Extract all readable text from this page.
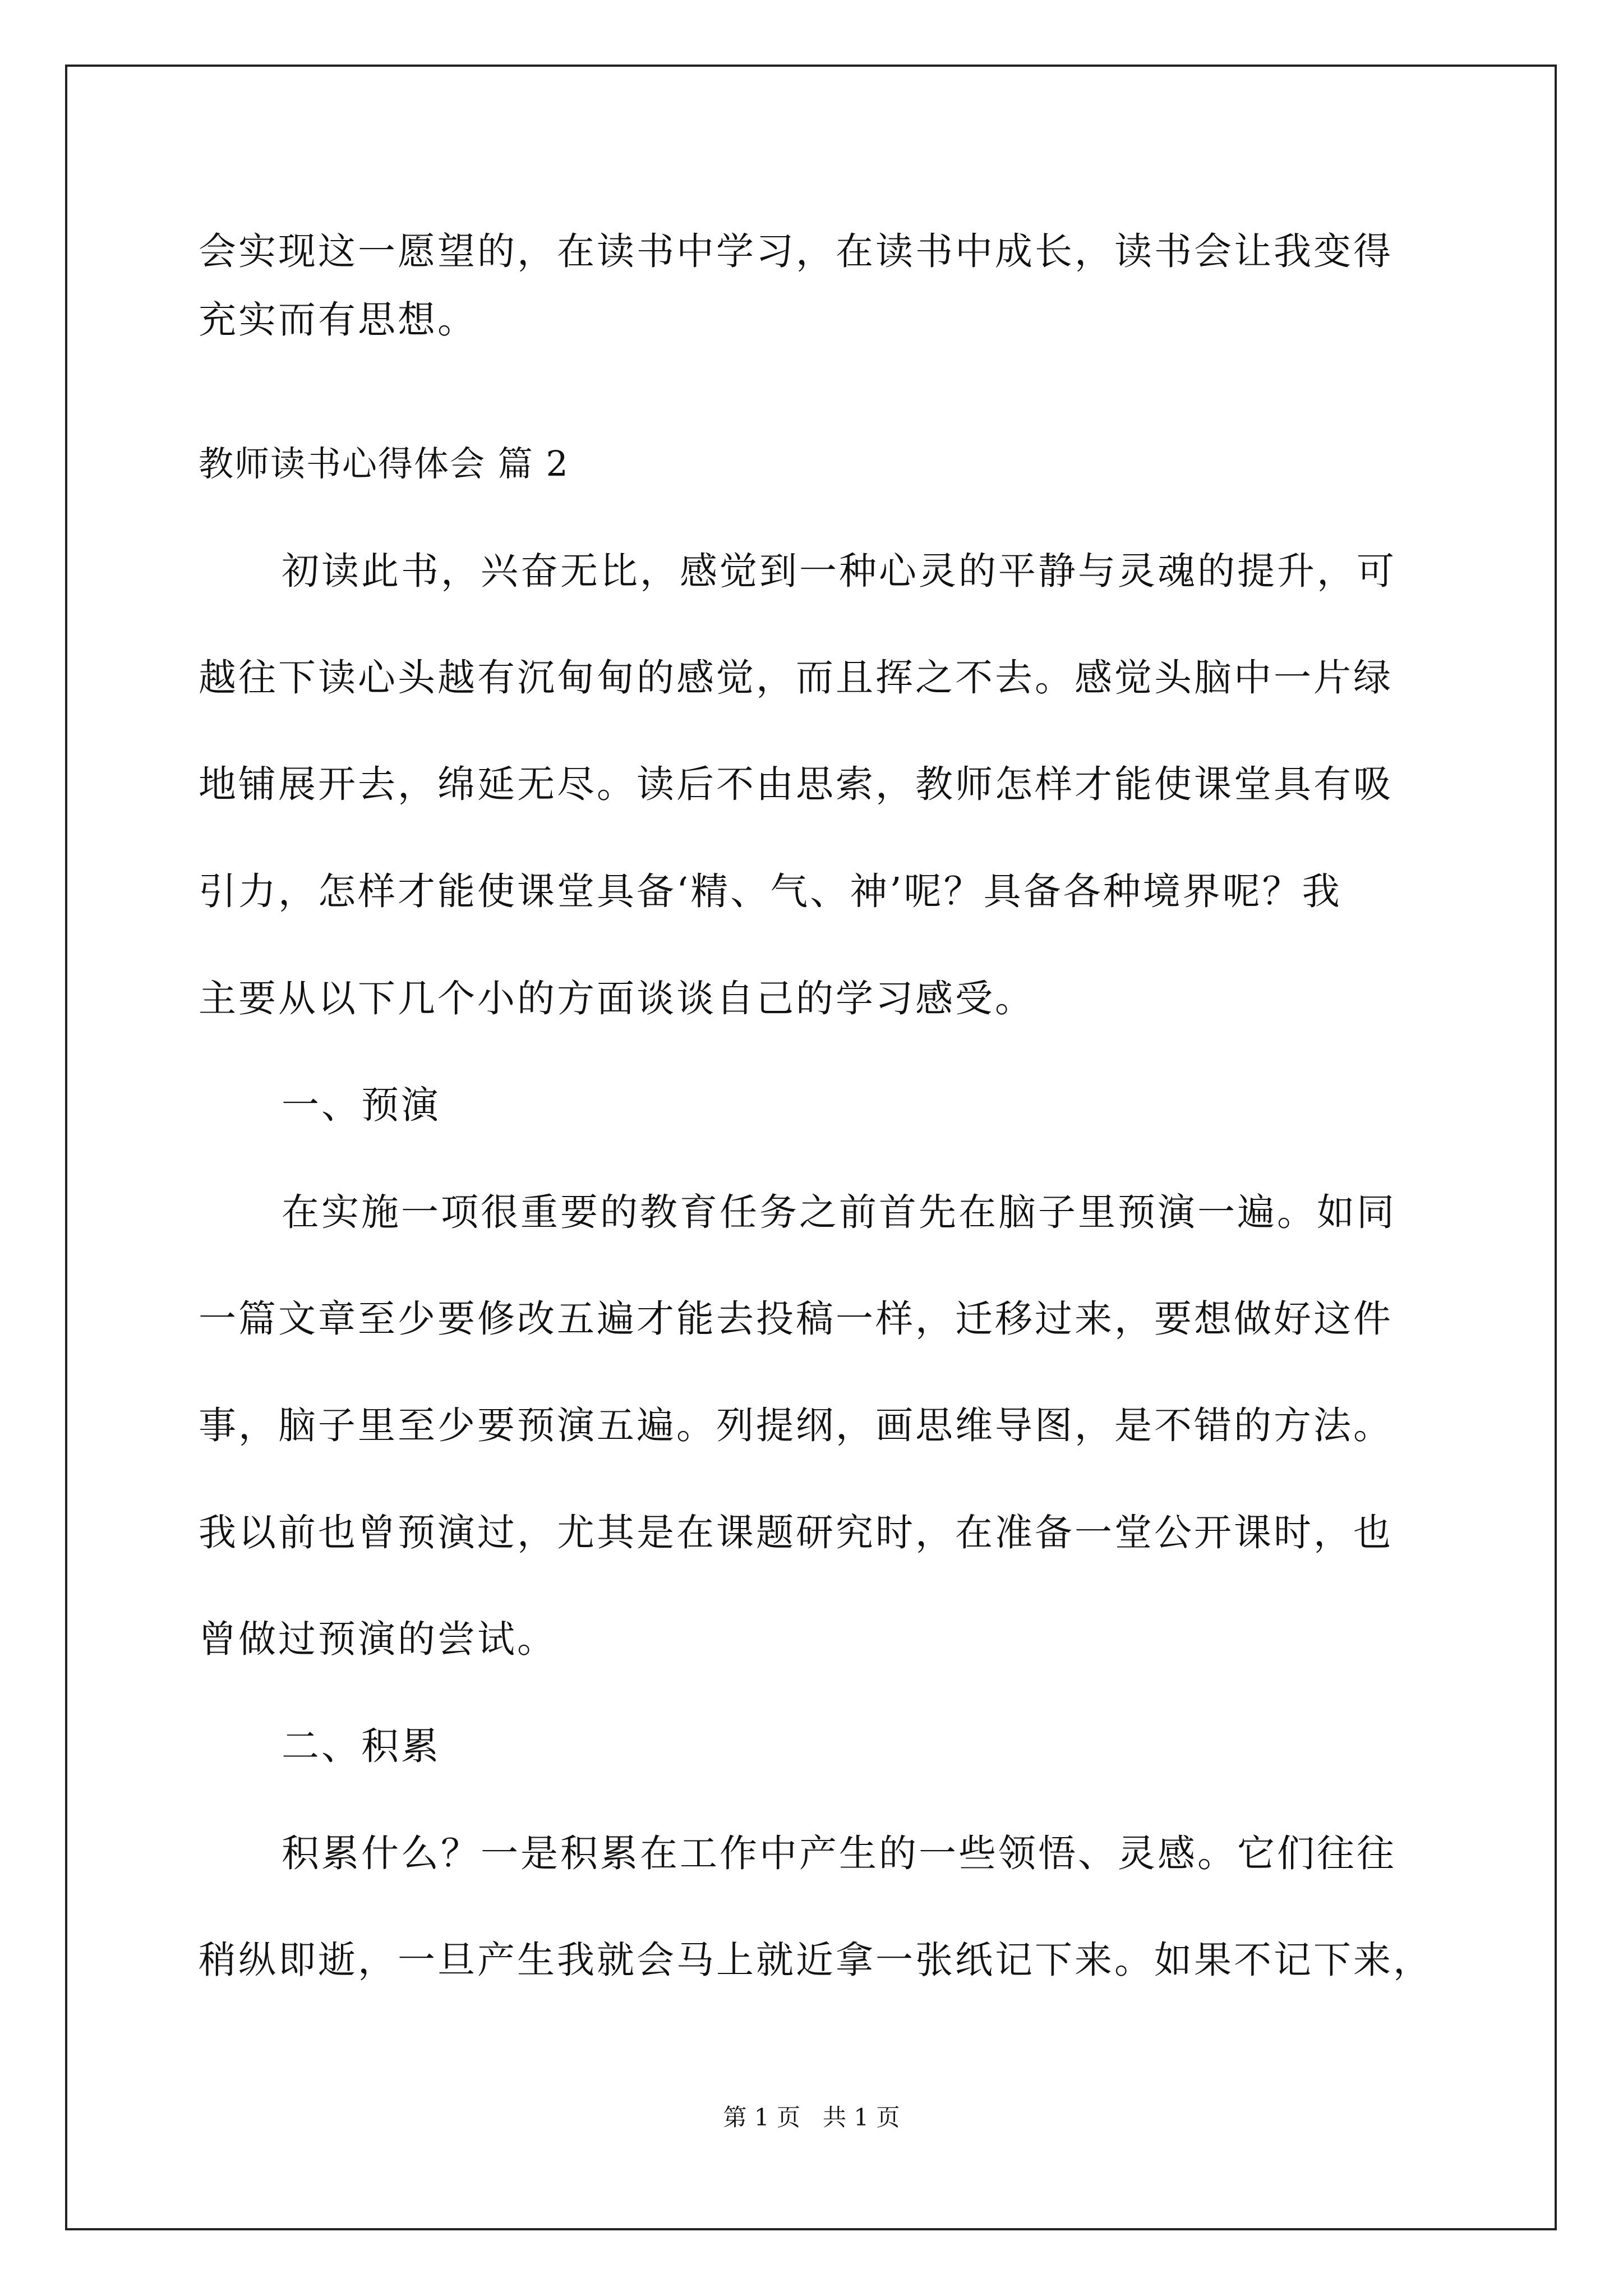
会实现这一愿望的，在读书中学习，在读书中成长，读书会让我变得
充实而有思想。
教师读书心得体会 篇 2
初读此书，兴奋无比，感觉到一种心灵的平静与灵魂的提升，可
越往下读心头越有沉甸甸的感觉，而且挥之不去。感觉头脑中一片绿
地铺展开去，绵延无尽。读后不由思索，教师怎样才能使课堂具有吸
引力，怎样才能使课堂具备‘精、气、神’呢？具备各种境界呢？我
主要从以下几个小的方面谈谈自己的学习感受。
一、预演
在实施一项很重要的教育任务之前首先在脑子里预演一遍。如同
一篇文章至少要修改五遍才能去投稿一样，迁移过来，要想做好这件
事，脑子里至少要预演五遍。列提纲，画思维导图，是不错的方法。
我以前也曾预演过，尤其是在课题研究时，在准备一堂公开课时，也
曾做过预演的尝试。
二、积累
积累什么？一是积累在工作中产生的一些领悟、灵感。它们往往
稍纵即逝，一旦产生我就会马上就近拿一张纸记下来。如果不记下来，
第 1 页   共 1 页
